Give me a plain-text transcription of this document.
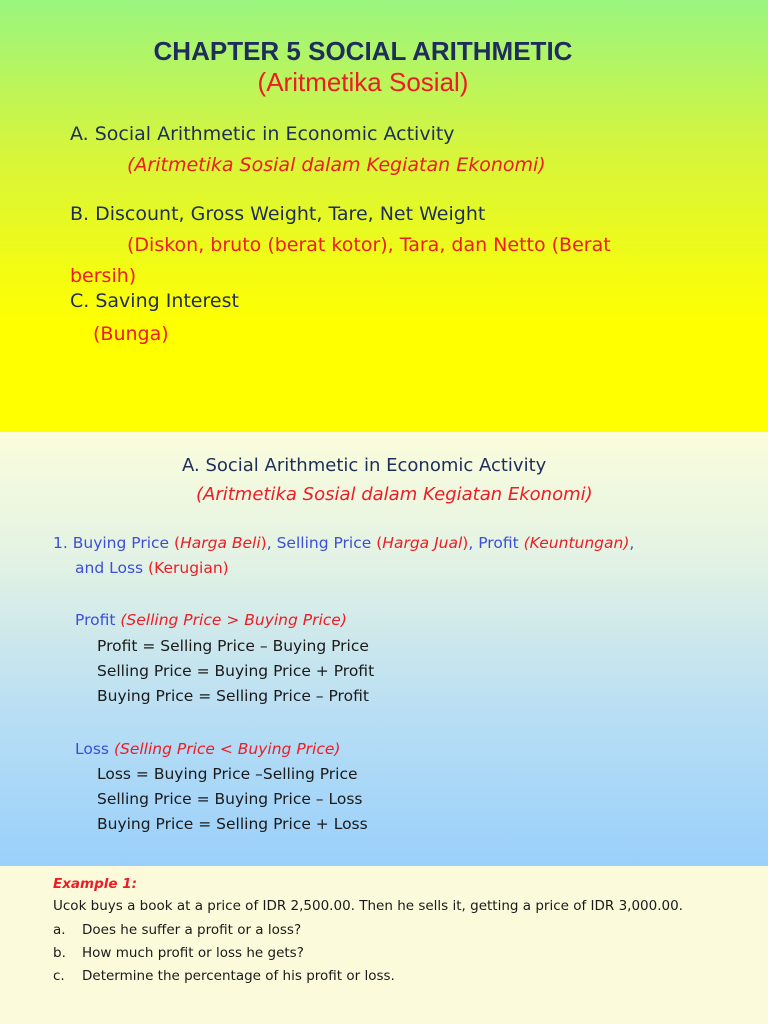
CHAPTER 5 SOCIAL ARITHMETIC
(Aritmetika Sosial)
A. Social Arithmetic in Economic Activity
(Aritmetika Sosial dalam Kegiatan Ekonomi)
B. Discount, Gross Weight, Tare, Net Weight
(Diskon, bruto (berat kotor), Tara, dan Netto (Berat
bersih)
C. Saving Interest
(Bunga)
A. Social Arithmetic in Economic Activity
(Aritmetika Sosial dalam Kegiatan Ekonomi)
1. Buying Price (Harga Beli), Selling Price (Harga Jual), Profit (Keuntungan),
and Loss (Kerugian)
Profit (Selling Price > Buying Price)
Profit = Selling Price – Buying Price
Selling Price = Buying Price + Profit
Buying Price = Selling Price – Profit
Loss (Selling Price < Buying Price)
Loss = Buying Price –Selling Price
Selling Price = Buying Price – Loss
Buying Price = Selling Price + Loss
Example 1:
Ucok buys a book at a price of IDR 2,500.00. Then he sells it, getting a price of IDR 3,000.00.
a. Does he suffer a profit or a loss?
b. How much profit or loss he gets?
c. Determine the percentage of his profit or loss.
